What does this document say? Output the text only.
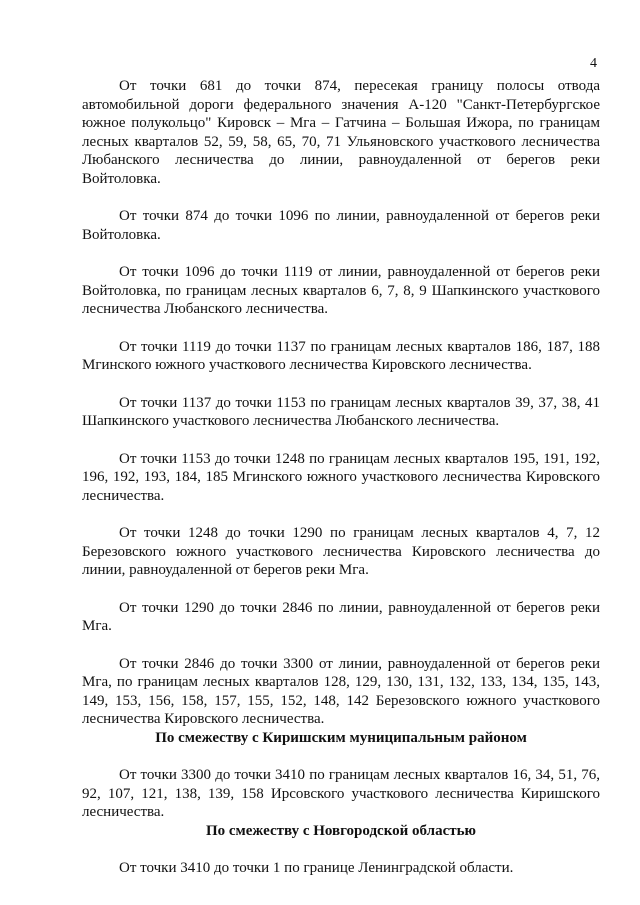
4

От точки 681 до точки 874, пересекая границу полосы отвода автомобильной дороги федерального значения А-120 "Санкт-Петербургское южное полукольцо" Кировск – Мга – Гатчина – Большая Ижора, по границам лесных кварталов 52, 59, 58, 65, 70, 71 Ульяновского участкового лесничества Любанского лесничества до линии, равноудаленной от берегов реки Войтоловка.

От точки 874 до точки 1096 по линии, равноудаленной от берегов реки Войтоловка.

От точки 1096 до точки 1119 от линии, равноудаленной от берегов реки Войтоловка, по границам лесных кварталов 6, 7, 8, 9 Шапкинского участкового лесничества Любанского лесничества.

От точки 1119 до точки 1137 по границам лесных кварталов 186, 187, 188 Мгинского южного участкового лесничества Кировского лесничества.

От точки 1137 до точки 1153 по границам лесных кварталов 39, 37, 38, 41 Шапкинского участкового лесничества Любанского лесничества.

От точки 1153 до точки 1248 по границам лесных кварталов 195, 191, 192, 196, 192, 193, 184, 185 Мгинского южного участкового лесничества Кировского лесничества.

От точки 1248 до точки 1290 по границам лесных кварталов 4, 7, 12 Березовского южного участкового лесничества Кировского лесничества до линии, равноудаленной от берегов реки Мга.

От точки 1290 до точки 2846 по линии, равноудаленной от берегов реки Мга.

От точки 2846 до точки 3300 от линии, равноудаленной от берегов реки Мга, по границам лесных кварталов 128, 129, 130, 131, 132, 133, 134, 135, 143, 149, 153, 156, 158, 157, 155, 152, 148, 142 Березовского южного участкового лесничества Кировского лесничества.

По смежеству с Киришским муниципальным районом

От точки 3300 до точки 3410 по границам лесных кварталов 16, 34, 51, 76, 92, 107, 121, 138, 139, 158 Ирсовского участкового лесничества Киришского лесничества.

По смежеству с Новгородской областью

От точки 3410 до точки 1 по границе Ленинградской области.
